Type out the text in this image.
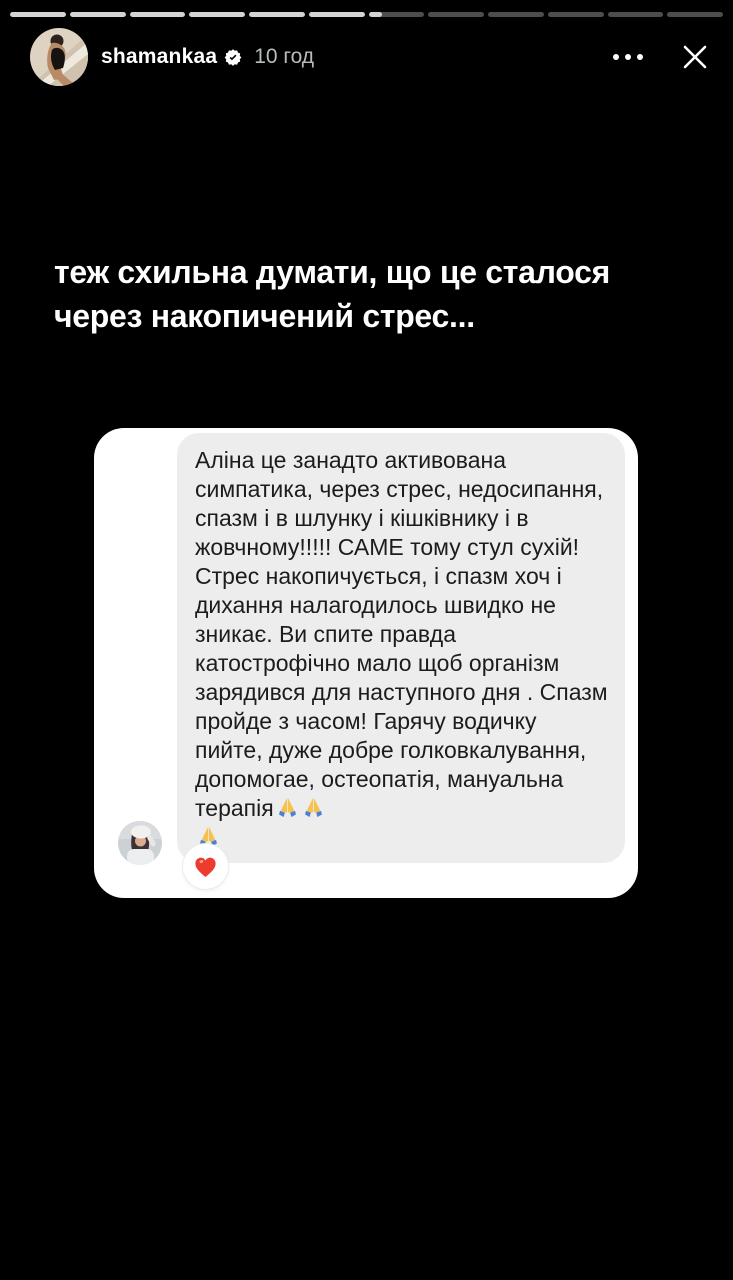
shamankaa 10 год
теж схильна думати, що це сталося
через накопичений стрес...
Аліна це занадто активована симпатика, через стрес, недосипання, спазм і в шлунку і кішківнику і в жовчному!!!!! САМЕ тому стул сухій! Стрес накопичується, і спазм хоч і дихання налагодилось швидко не зникає. Ви спите правда катострофічно мало щоб організм зарядився для наступного дня . Спазм пройде з часом! Гарячу водичку пийте, дуже добре голковкалування, допомогае, остеопатія, мануальна терапія
